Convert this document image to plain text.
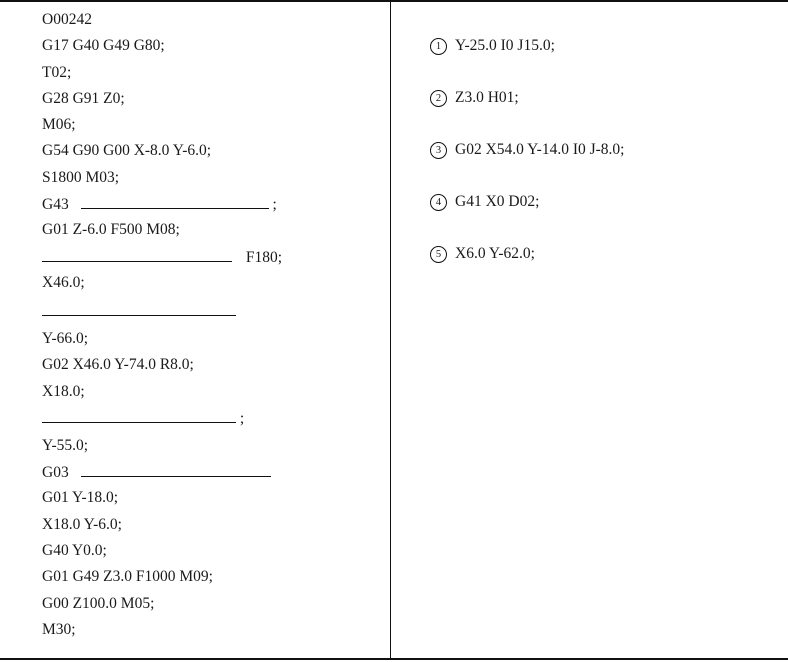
O00242
G17 G40 G49 G80;
T02;
G28 G91 Z0;
M06;
G54 G90 G00 X-8.0 Y-6.0;
S1800 M03;
G43	;
G01 Z-6.0 F500 M08;
F180;
X46.0;
Y-66.0;
G02 X46.0 Y-74.0 R8.0;
X18.0;
;
Y-55.0;
G03
G01 Y-18.0;
X18.0 Y-6.0;
G40 Y0.0;
G01 G49 Z3.0 F1000 M09;
G00 Z100.0 M05;
M30;
1 Y-25.0 I0 J15.0;
2 Z3.0 H01;
3 G02 X54.0 Y-14.0 I0 J-8.0;
4 G41 X0 D02;
5 X6.0 Y-62.0;
